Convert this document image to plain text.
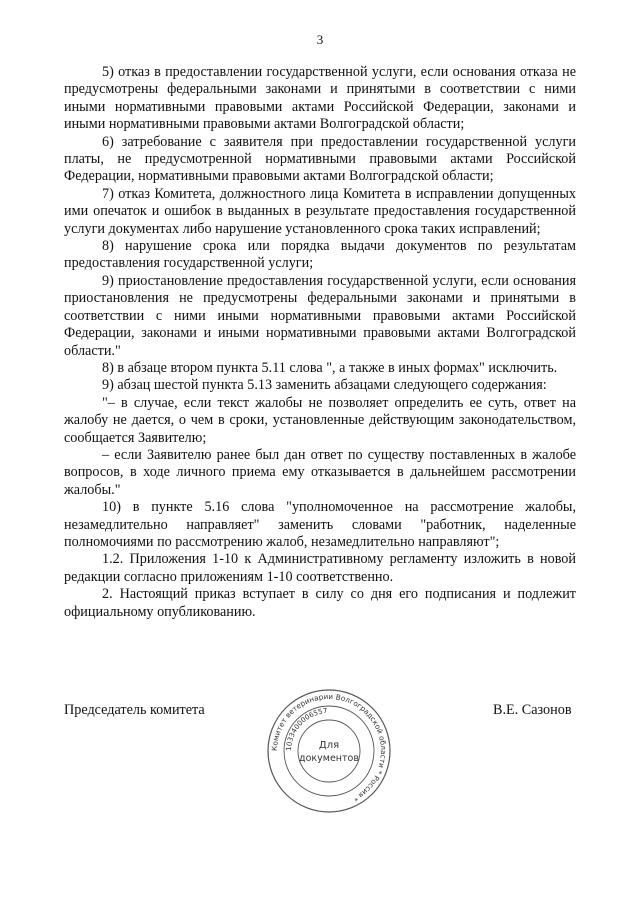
3

5) отказ в предоставлении государственной услуги, если основания отказа не предусмотрены федеральными законами и принятыми в соответствии с ними иными нормативными правовыми актами Российской Федерации, законами и иными нормативными правовыми актами Волгоградской области;

6) затребование с заявителя при предоставлении государственной услуги платы, не предусмотренной нормативными правовыми актами Российской Федерации, нормативными правовыми актами Волгоградской области;

7) отказ Комитета, должностного лица Комитета в исправлении допущенных ими опечаток и ошибок в выданных в результате предоставления государственной услуги документах либо нарушение установленного срока таких исправлений;

8) нарушение срока или порядка выдачи документов по результатам предоставления государственной услуги;

9) приостановление предоставления государственной услуги, если основания приостановления не предусмотрены федеральными законами и принятыми в соответствии с ними иными нормативными правовыми актами Российской Федерации, законами и иными нормативными правовыми актами Волгоградской области."

8) в абзаце втором пункта 5.11 слова ", а также в иных формах" исключить.

9) абзац шестой пункта 5.13 заменить абзацами следующего содержания:

"– в случае, если текст жалобы не позволяет определить ее суть, ответ на жалобу не дается, о чем в сроки, установленные действующим законодательством, сообщается Заявителю;

– если Заявителю ранее был дан ответ по существу поставленных в жалобе вопросов, в ходе личного приема ему отказывается в дальнейшем рассмотрении жалобы."

10) в пункте 5.16 слова "уполномоченное на рассмотрение жалобы, незамедлительно направляет" заменить словами "работник, наделенные полномочиями по рассмотрению жалоб, незамедлительно направляют";

1.2. Приложения 1-10 к Административному регламенту изложить в новой редакции согласно приложениям 1-10 соответственно.

2. Настоящий приказ вступает в силу со дня его подписания и подлежит официальному опубликованию.

Председатель комитета	В.Е. Сазонов
Комитет ветеринарии Волгоградской области * Россия *
1033400006557
Для
документов
